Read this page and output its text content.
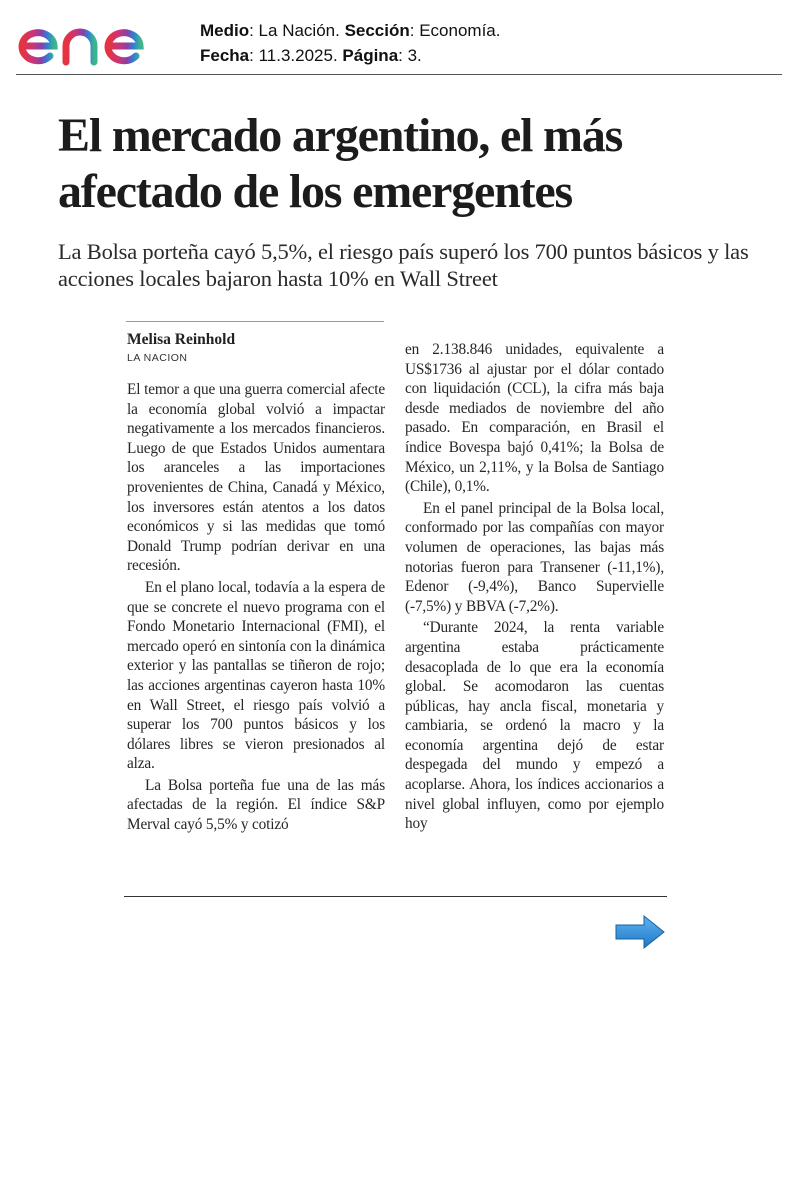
Medio: La Nación. Sección: Economía.
Fecha: 11.3.2025. Página: 3.
El mercado argentino, el más afectado de los emergentes

La Bolsa porteña cayó 5,5%, el riesgo país superó los 700 puntos básicos y las acciones locales bajaron hasta 10% en Wall Street

Melisa Reinhold
LA NACION

El temor a que una guerra comercial afecte la economía global volvió a impactar negativamente a los mercados financieros. Luego de que Estados Unidos aumentara los aranceles a las importaciones provenientes de China, Canadá y México, los inversores están atentos a los datos económicos y si las medidas que tomó Donald Trump podrían derivar en una recesión.

En el plano local, todavía a la espera de que se concrete el nuevo programa con el Fondo Monetario Internacional (FMI), el mercado operó en sintonía con la dinámica exterior y las pantallas se tiñeron de rojo; las acciones argentinas cayeron hasta 10% en Wall Street, el riesgo país volvió a superar los 700 puntos básicos y los dólares libres se vieron presionados al alza.

La Bolsa porteña fue una de las más afectadas de la región. El índice S&P Merval cayó 5,5% y cotizó

en 2.138.846 unidades, equivalente a US$1736 al ajustar por el dólar contado con liquidación (CCL), la cifra más baja desde mediados de noviembre del año pasado. En comparación, en Brasil el índice Bovespa bajó 0,41%; la Bolsa de México, un 2,11%, y la Bolsa de Santiago (Chile), 0,1%.

En el panel principal de la Bolsa local, conformado por las compañías con mayor volumen de operaciones, las bajas más notorias fueron para Transener (-11,1%), Edenor (-9,4%), Banco Supervielle (-7,5%) y BBVA (-7,2%).

“Durante 2024, la renta variable argentina estaba prácticamente desacoplada de lo que era la economía global. Se acomodaron las cuentas públicas, hay ancla fiscal, monetaria y cambiaria, se ordenó la macro y la economía argentina dejó de estar despegada del mundo y empezó a acoplarse. Ahora, los índices accionarios a nivel global influyen, como por ejemplo hoy
